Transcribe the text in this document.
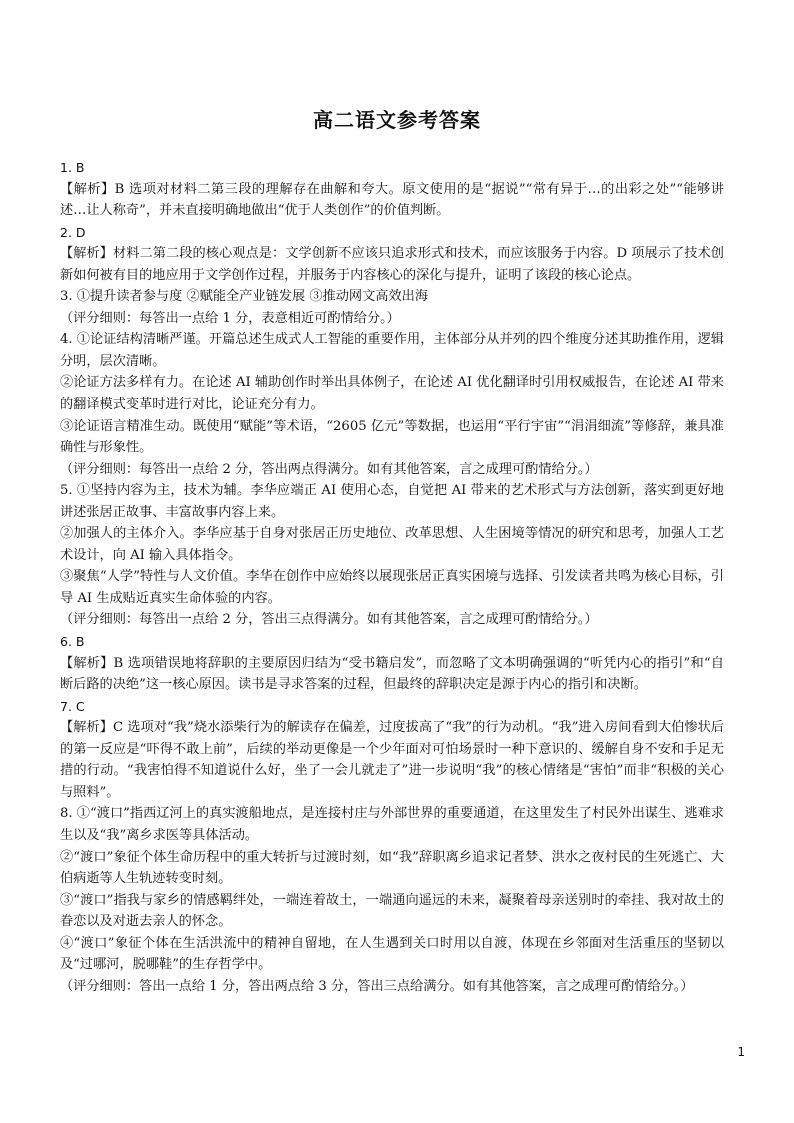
高二语文参考答案

1. B

【解析】B 选项对材料二第三段的理解存在曲解和夸大。原文使用的是“据说”“常有异于…的出彩之处”“能够讲述…让人称奇”，并未直接明确地做出“优于人类创作”的价值判断。

2. D

【解析】材料二第二段的核心观点是：文学创新不应该只追求形式和技术，而应该服务于内容。D 项展示了技术创新如何被有目的地应用于文学创作过程，并服务于内容核心的深化与提升，证明了该段的核心论点。

3. ①提升读者参与度 ②赋能全产业链发展 ③推动网文高效出海

（评分细则：每答出一点给 1 分，表意相近可酌情给分。）

4. ①论证结构清晰严谨。开篇总述生成式人工智能的重要作用，主体部分从并列的四个维度分述其助推作用，逻辑分明，层次清晰。

②论证方法多样有力。在论述 AI 辅助创作时举出具体例子，在论述 AI 优化翻译时引用权威报告，在论述 AI 带来的翻译模式变革时进行对比，论证充分有力。

③论证语言精准生动。既使用“赋能”等术语，“2605 亿元”等数据，也运用“平行宇宙”“涓涓细流”等修辞，兼具准确性与形象性。

（评分细则：每答出一点给 2 分，答出两点得满分。如有其他答案，言之成理可酌情给分。）

5. ①坚持内容为主，技术为辅。李华应端正 AI 使用心态，自觉把 AI 带来的艺术形式与方法创新，落实到更好地讲述张居正故事、丰富故事内容上来。

②加强人的主体介入。李华应基于自身对张居正历史地位、改革思想、人生困境等情况的研究和思考，加强人工艺术设计，向 AI 输入具体指令。

③聚焦“人学”特性与人文价值。李华在创作中应始终以展现张居正真实困境与选择、引发读者共鸣为核心目标，引导 AI 生成贴近真实生命体验的内容。

（评分细则：每答出一点给 2 分，答出三点得满分。如有其他答案，言之成理可酌情给分。）

6. B

【解析】B 选项错误地将辞职的主要原因归结为“受书籍启发”，而忽略了文本明确强调的“听凭内心的指引”和“自断后路的决绝”这一核心原因。读书是寻求答案的过程，但最终的辞职决定是源于内心的指引和决断。

7. C

【解析】C 选项对“我”烧水添柴行为的解读存在偏差，过度拔高了“我”的行为动机。“我”进入房间看到大伯惨状后的第一反应是“吓得不敢上前”，后续的举动更像是一个少年面对可怕场景时一种下意识的、缓解自身不安和手足无措的行动。“我害怕得不知道说什么好，坐了一会儿就走了”进一步说明“我”的核心情绪是“害怕”而非“积极的关心与照料”。

8. ①“渡口”指西辽河上的真实渡船地点，是连接村庄与外部世界的重要通道，在这里发生了村民外出谋生、逃难求生以及“我”离乡求医等具体活动。

②“渡口”象征个体生命历程中的重大转折与过渡时刻，如“我”辞职离乡追求记者梦、洪水之夜村民的生死逃亡、大伯病逝等人生轨迹转变时刻。

③“渡口”指我与家乡的情感羁绊处，一端连着故土，一端通向遥远的未来，凝聚着母亲送别时的牵挂、我对故土的眷恋以及对逝去亲人的怀念。

④“渡口”象征个体在生活洪流中的精神自留地，在人生遇到关口时用以自渡，体现在乡邻面对生活重压的坚韧以及“过哪河，脱哪鞋”的生存哲学中。

（评分细则：答出一点给 1 分，答出两点给 3 分，答出三点给满分。如有其他答案，言之成理可酌情给分。）

1
